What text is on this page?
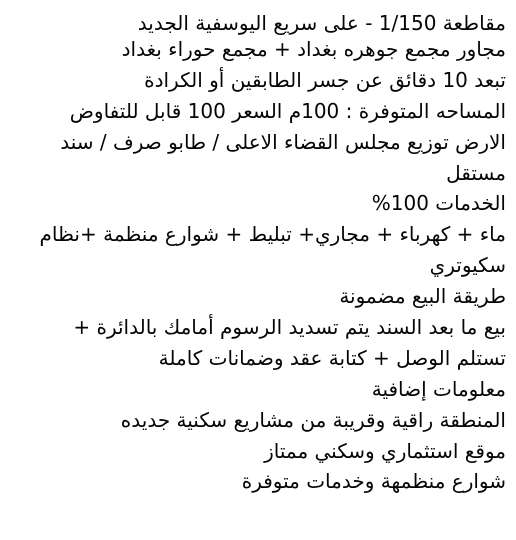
مقاطعة 1/150 - على سريع اليوسفية الجديد
مجاور مجمع جوهره بغداد + مجمع حوراء بغداد
تبعد 10 دقائق عن جسر الطابقين أو الكرادة
المساحه المتوفرة : 100م السعر 100 قابل للتفاوض
الارض توزيع مجلس القضاء الاعلى / طابو صرف / سند
مستقل
الخدمات 100%
ماء + كهرباء + مجاري+ تبليط + شوارع منظمة +نظام
سكيوتري
طريقة البيع مضمونة
بيع ما بعد السند يتم تسديد الرسوم أمامك بالدائرة +
تستلم الوصل + كتابة عقد وضمانات كاملة
معلومات إضافية
المنطقة راقية وقريبة من مشاريع سكنية جديده
موقع استثماري وسكني ممتاز
شوارع منظمهة وخدمات متوفرة
